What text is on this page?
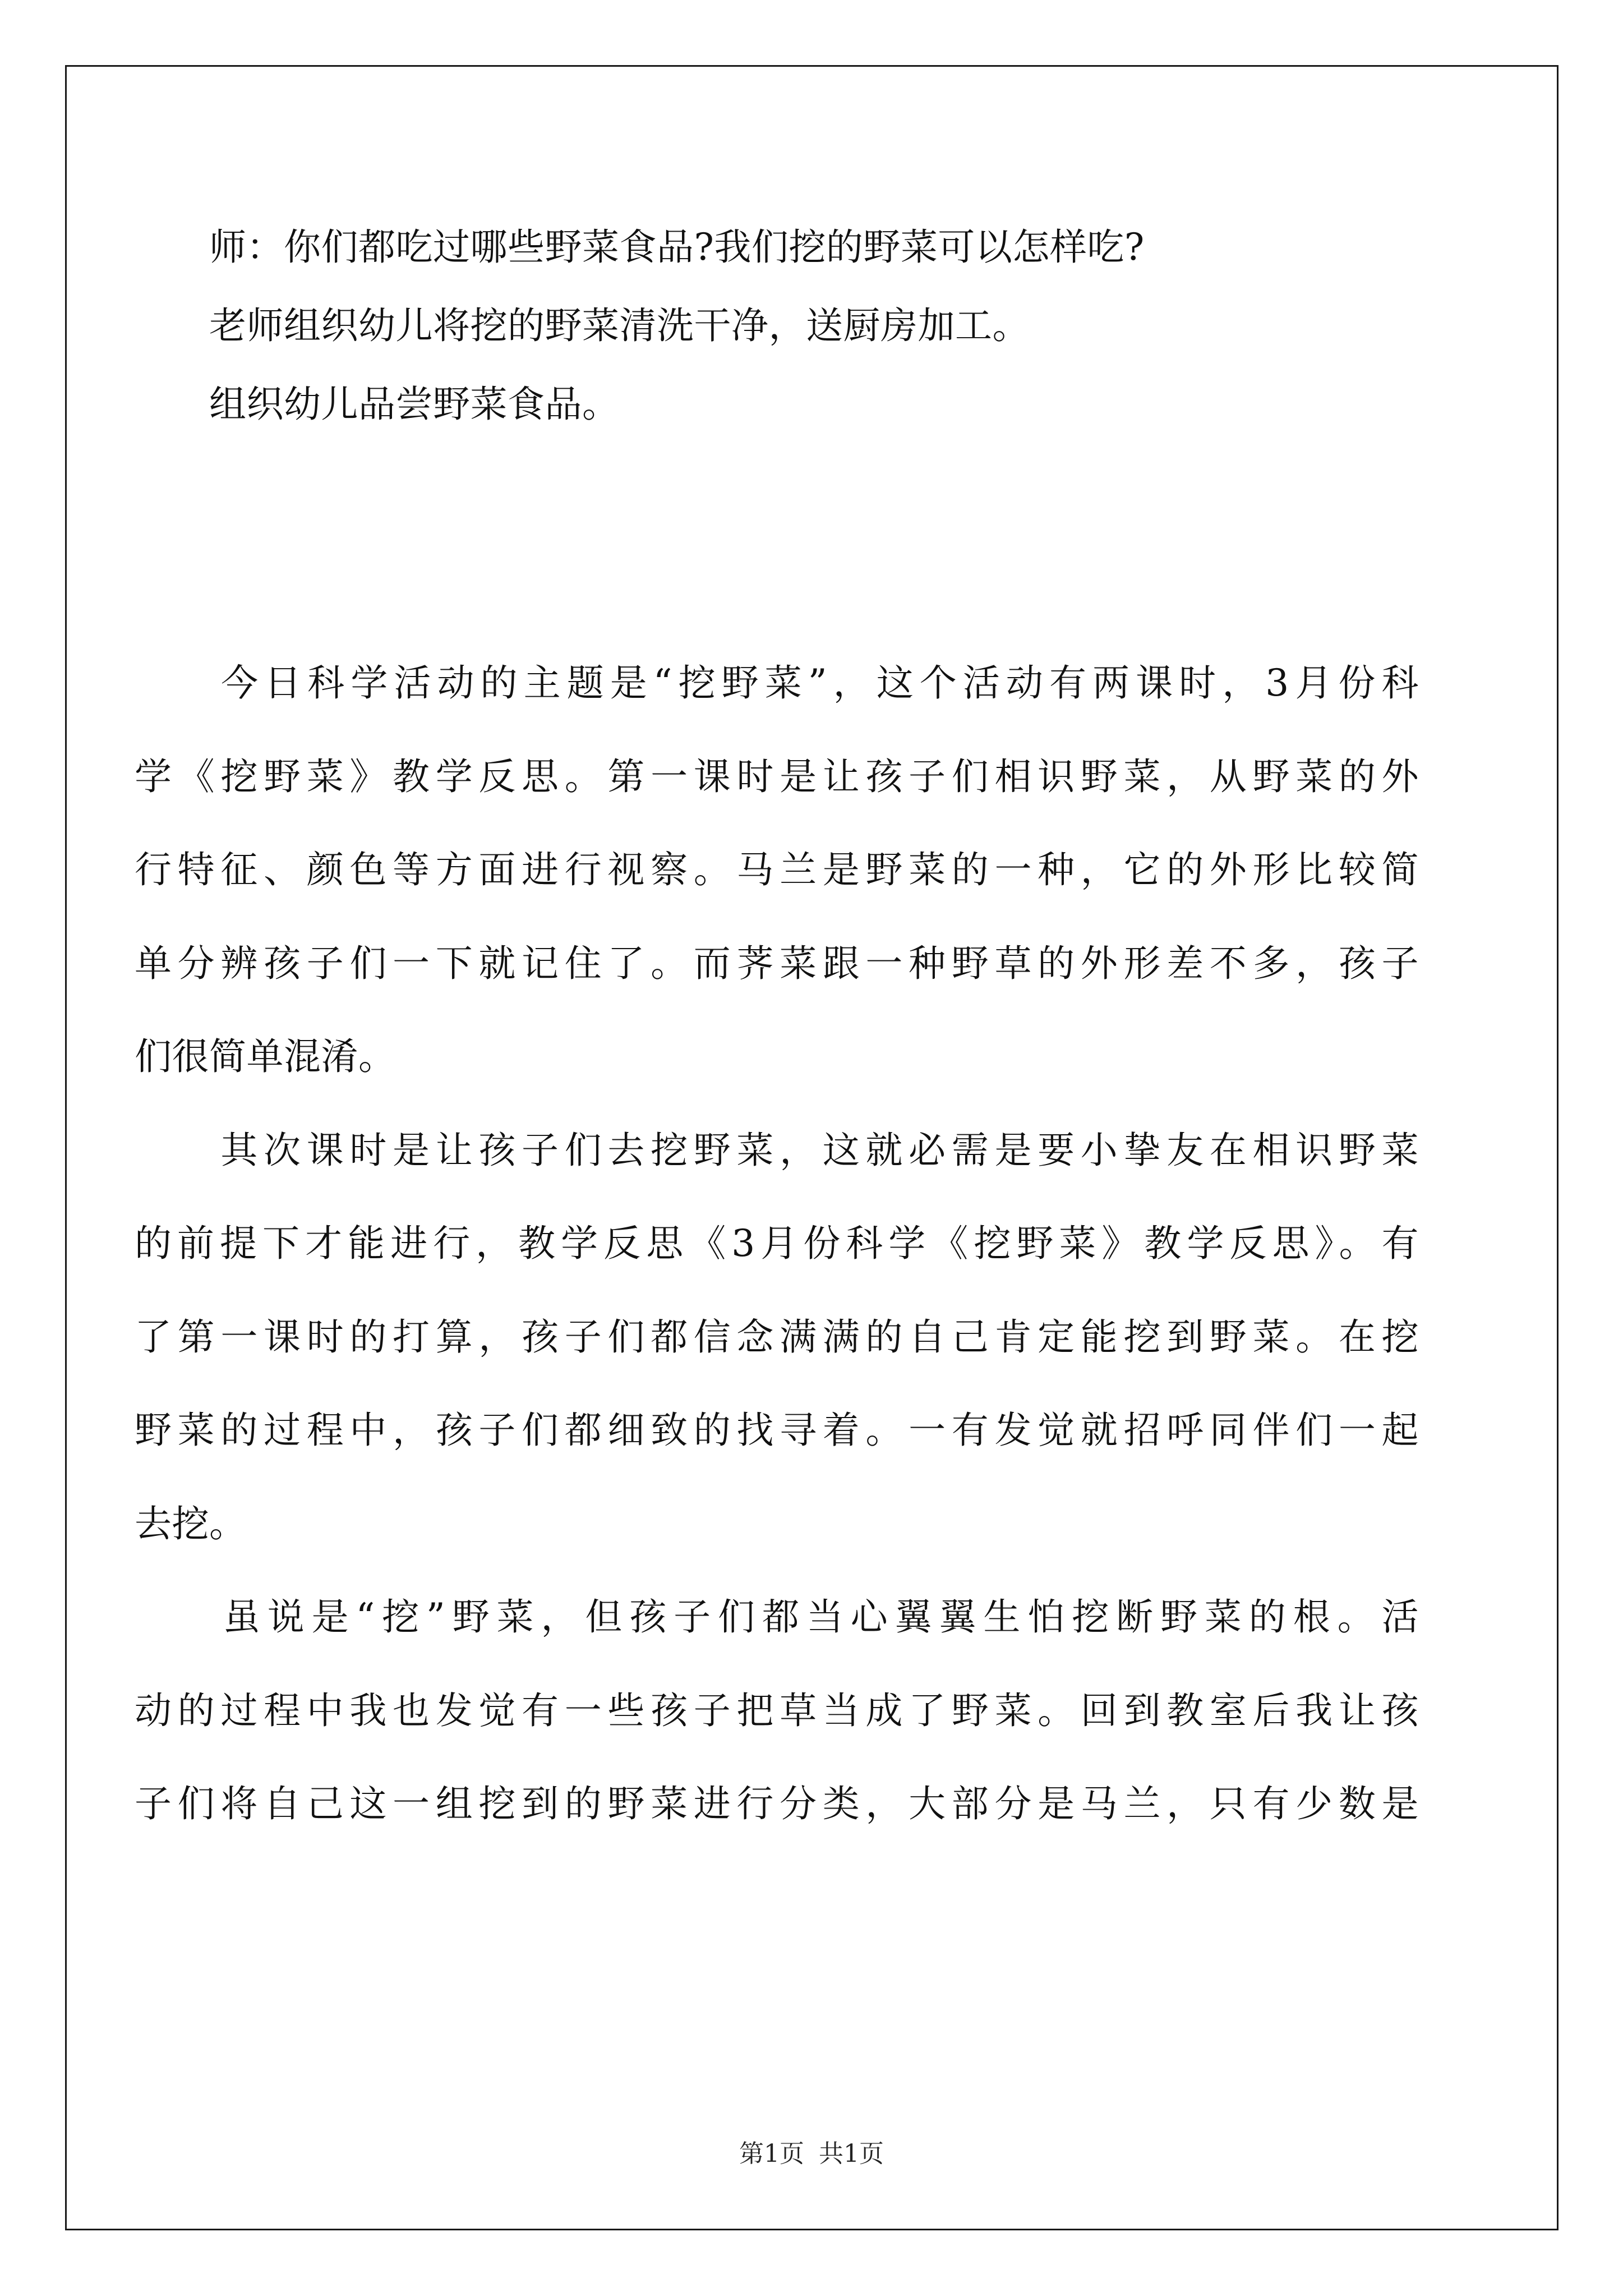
　　师：你们都吃过哪些野菜食品?我们挖的野菜可以怎样吃?
　　老师组织幼儿将挖的野菜清洗干净，送厨房加工。
　　组织幼儿品尝野菜食品。
　　今日科学活动的主题是“挖野菜”，这个活动有两课时，3月份科
学《挖野菜》教学反思。第一课时是让孩子们相识野菜，从野菜的外
行特征、颜色等方面进行视察。马兰是野菜的一种，它的外形比较简
单分辨孩子们一下就记住了。而荠菜跟一种野草的外形差不多，孩子
们很简单混淆。
　　其次课时是让孩子们去挖野菜，这就必需是要小挚友在相识野菜
的前提下才能进行，教学反思《3月份科学《挖野菜》教学反思》。有
了第一课时的打算，孩子们都信念满满的自己肯定能挖到野菜。在挖
野菜的过程中，孩子们都细致的找寻着。一有发觉就招呼同伴们一起
去挖。
　　虽说是“挖”野菜，但孩子们都当心翼翼生怕挖断野菜的根。活
动的过程中我也发觉有一些孩子把草当成了野菜。回到教室后我让孩
子们将自己这一组挖到的野菜进行分类，大部分是马兰，只有少数是
第1页 共1页
